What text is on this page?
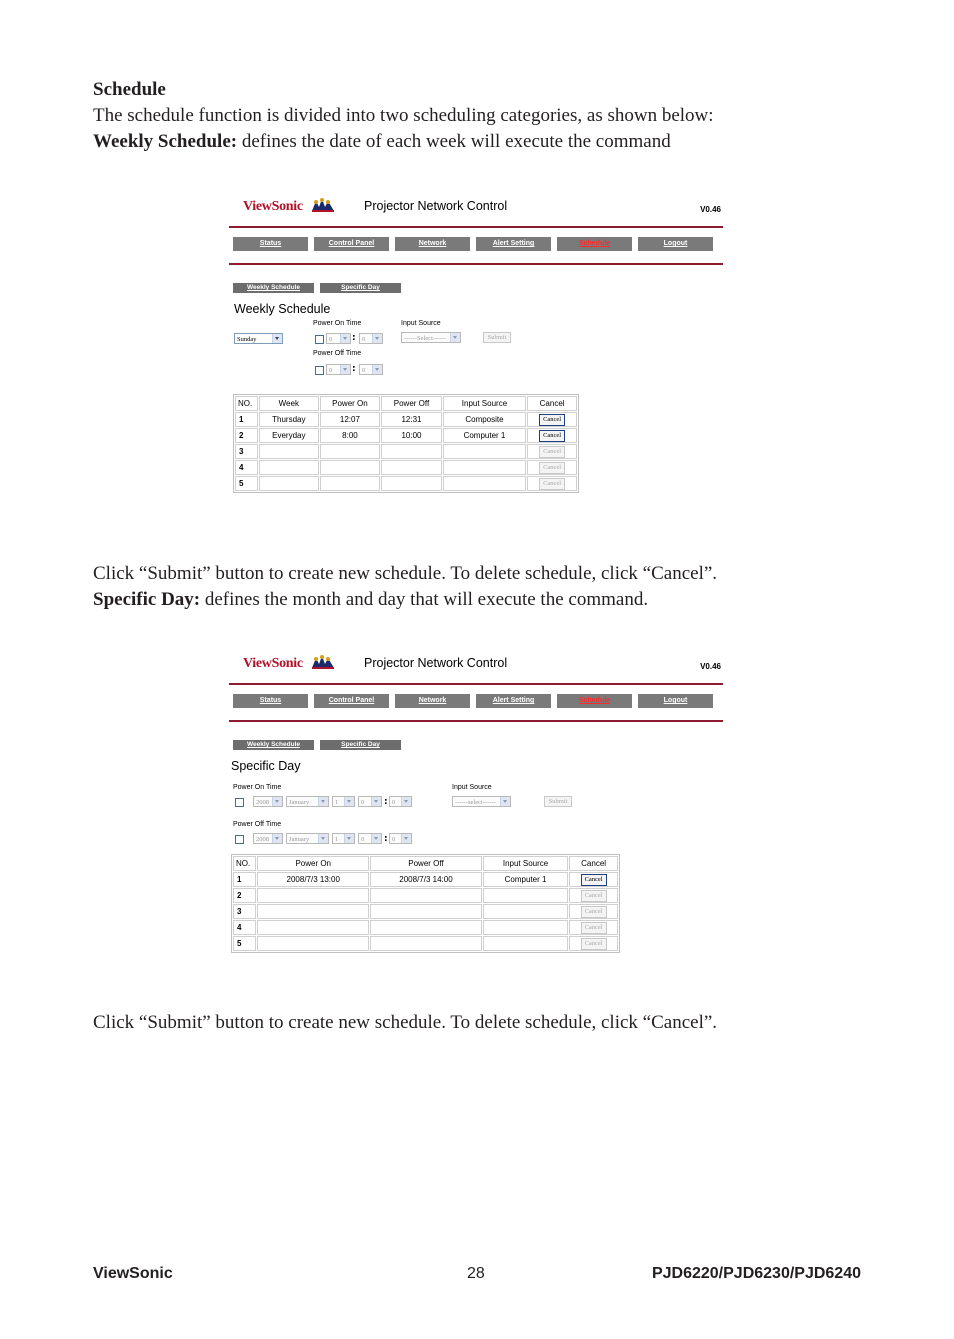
Schedule
The schedule function is divided into two scheduling categories, as shown below:
Weekly Schedule: defines the date of each week will execute the command
ViewSonic	Projector Network Control	V0.46
Status	Control Panel	Network	Alert Setting	Schedule	Logout
Weekly Schedule	Specific Day
Weekly Schedule
Sunday
Power On Time	Input Source
0	: 0	------Select------	Submit
Power Off Time
0	: 0
NO.	Week	Power On	Power Off	Input Source	Cancel
1	Thursday	12:07	12:31	Composite	Cancel
2	Everyday	8:00	10:00	Computer 1	Cancel
3					Cancel
4					Cancel
5					Cancel
Click “Submit” button to create new schedule. To delete schedule, click “Cancel”.
Specific Day: defines the month and day that will execute the command.
ViewSonic	Projector Network Control	V0.46
Status	Control Panel	Network	Alert Setting	Schedule	Logout
Weekly Schedule	Specific Day
Specific Day
Power On Time	Input Source
2008	January	1	0	: 0	------select------	Submit
Power Off Time
2008	January	1	0	: 0
NO.	Power On	Power Off	Input Source	Cancel
1	2008/7/3 13:00	2008/7/3 14:00	Computer 1	Cancel
2				Cancel
3				Cancel
4				Cancel
5				Cancel
Click “Submit” button to create new schedule. To delete schedule, click “Cancel”.
ViewSonic	28	PJD6220/PJD6230/PJD6240
